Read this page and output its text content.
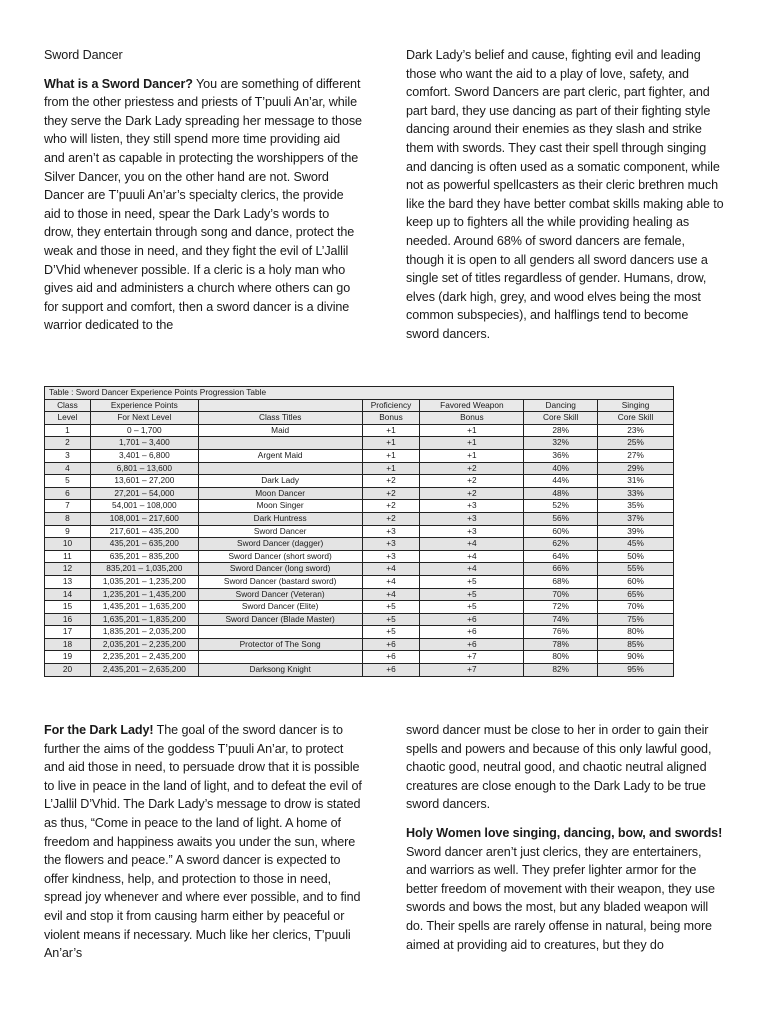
Sword Dancer

What is a Sword Dancer? You are something of different from the other priestess and priests of T’puuli An’ar, while they serve the Dark Lady spreading her message to those who will listen, they still spend more time providing aid and aren’t as capable in protecting the worshippers of the Silver Dancer, you on the other hand are not. Sword Dancer are T’puuli An’ar’s specialty clerics, the provide aid to those in need, spear the Dark Lady’s words to drow, they entertain through song and dance, protect the weak and those in need, and they fight the evil of L’Jallil D’Vhid whenever possible. If a cleric is a holy man who gives aid and administers a church where others can go for support and comfort, then a sword dancer is a divine warrior dedicated to the

Dark Lady’s belief and cause, fighting evil and leading those who want the aid to a play of love, safety, and comfort. Sword Dancers are part cleric, part fighter, and part bard, they use dancing as part of their fighting style dancing around their enemies as they slash and strike them with swords. They cast their spell through singing and dancing is often used as a somatic component, while not as powerful spellcasters as their cleric brethren much like the bard they have better combat skills making able to keep up to fighters all the while providing healing as needed. Around 68% of sword dancers are female, though it is open to all genders all sword dancers use a single set of titles regardless of gender. Humans, drow, elves (dark high, grey, and wood elves being the most common subspecies), and halflings tend to become sword dancers.

Table : Sword Dancer Experience Points Progression Table						
Class	Experience Points		Proficiency	Favored Weapon	Dancing	Singing
Level	For Next Level	Class Titles	Bonus	Bonus	Core Skill	Core Skill
1	0 – 1,700	Maid	+1	+1	28%	23%
2	1,701 – 3,400		+1	+1	32%	25%
3	3,401 – 6,800	Argent Maid	+1	+1	36%	27%
4	6,801 – 13,600		+1	+2	40%	29%
5	13,601 – 27,200	Dark Lady	+2	+2	44%	31%
6	27,201 – 54,000	Moon Dancer	+2	+2	48%	33%
7	54,001 – 108,000	Moon Singer	+2	+3	52%	35%
8	108,001 – 217,600	Dark Huntress	+2	+3	56%	37%
9	217,601 – 435,200	Sword Dancer	+3	+3	60%	39%
10	435,201 – 635,200	Sword Dancer (dagger)	+3	+4	62%	45%
11	635,201 – 835,200	Sword Dancer (short sword)	+3	+4	64%	50%
12	835,201 – 1,035,200	Sword Dancer (long sword)	+4	+4	66%	55%
13	1,035,201 – 1,235,200	Sword Dancer (bastard sword)	+4	+5	68%	60%
14	1,235,201 – 1,435,200	Sword Dancer (Veteran)	+4	+5	70%	65%
15	1,435,201 – 1,635,200	Sword Dancer (Elite)	+5	+5	72%	70%
16	1,635,201 – 1,835,200	Sword Dancer (Blade Master)	+5	+6	74%	75%
17	1,835,201 – 2,035,200		+5	+6	76%	80%
18	2,035,201 – 2,235,200	Protector of The Song	+6	+6	78%	85%
19	2,235,201 – 2,435,200		+6	+7	80%	90%
20	2,435,201 – 2,635,200	Darksong Knight	+6	+7	82%	95%

For the Dark Lady! The goal of the sword dancer is to further the aims of the goddess T’puuli An’ar, to protect and aid those in need, to persuade drow that it is possible to live in peace in the land of light, and to defeat the evil of L’Jallil D’Vhid. The Dark Lady’s message to drow is stated as thus, “Come in peace to the land of light. A home of freedom and happiness awaits you under the sun, where the flowers and peace.” A sword dancer is expected to offer kindness, help, and protection to those in need, spread joy whenever and where ever possible, and to find evil and stop it from causing harm either by peaceful or violent means if necessary. Much like her clerics, T’puuli An’ar’s

sword dancer must be close to her in order to gain their spells and powers and because of this only lawful good, chaotic good, neutral good, and chaotic neutral aligned creatures are close enough to the Dark Lady to be true sword dancers.

Holy Women love singing, dancing, bow, and swords! Sword dancer aren’t just clerics, they are entertainers, and warriors as well. They prefer lighter armor for the better freedom of movement with their weapon, they use swords and bows the most, but any bladed weapon will do. Their spells are rarely offense in natural, being more aimed at providing aid to creatures, but they do
